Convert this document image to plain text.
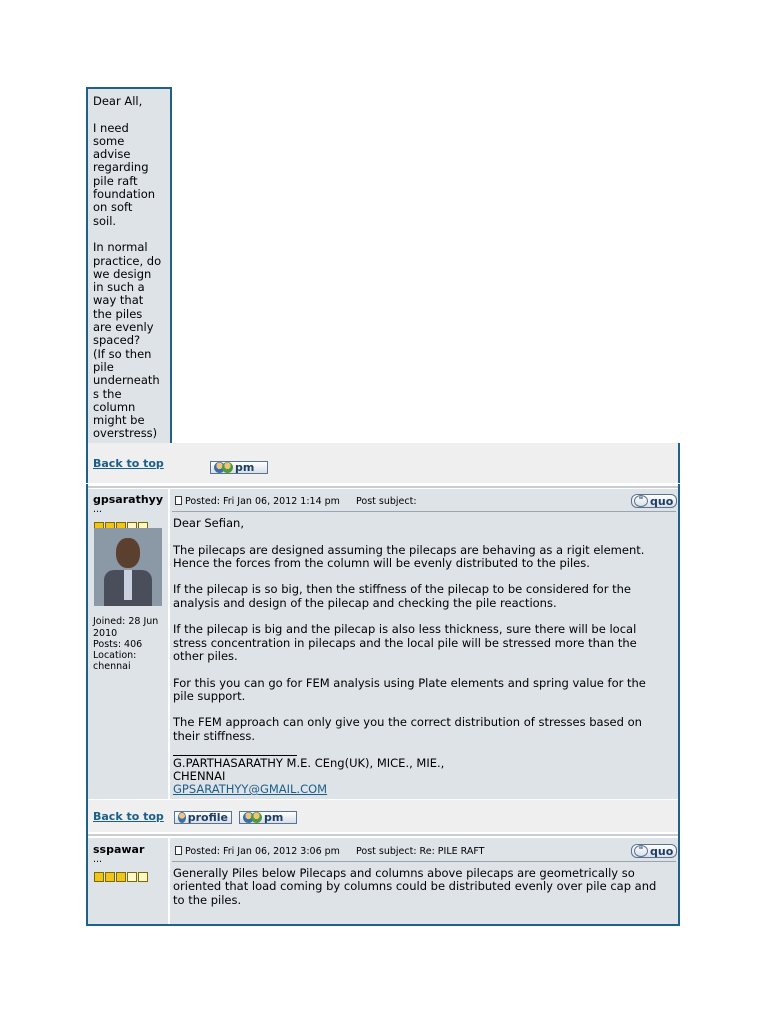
Dear All,
I need
some
advise
regarding
pile raft
foundation
on soft
soil.
In normal
practice, do
we design
in such a
way that
the piles
are evenly
spaced?
(If so then
pile
underneath
s the
column
might be
overstress)
Back to top	pm
gpsarathyy
...
Joined: 28 Jun 2010
Posts: 406
Location:
chennai
Posted: Fri Jan 06, 2012 1:14 pm Post subject:	" quo
Dear Sefian,
The pilecaps are designed assuming the pilecaps are behaving as a rigit element.
Hence the forces from the column will be evenly distributed to the piles.
If the pilecap is so big, then the stiffness of the pilecap to be considered for the
analysis and design of the pilecap and checking the pile reactions.
If the pilecap is big and the pilecap is also less thickness, sure there will be local
stress concentration in pilecaps and the local pile will be stressed more than the
other piles.
For this you can go for FEM analysis using Plate elements and spring value for the
pile support.
The FEM approach can only give you the correct distribution of stresses based on
their stiffness.
G.PARTHASARATHY M.E. CEng(UK), MICE., MIE.,
CHENNAI
GPSARATHYY@GMAIL.COM
Back to top profile	pm
sspawar
...
Posted: Fri Jan 06, 2012 3:06 pm Post subject: Re: PILE RAFT	" quo
Generally Piles below Pilecaps and columns above pilecaps are geometrically so
oriented that load coming by columns could be distributed evenly over pile cap and
to the piles.
